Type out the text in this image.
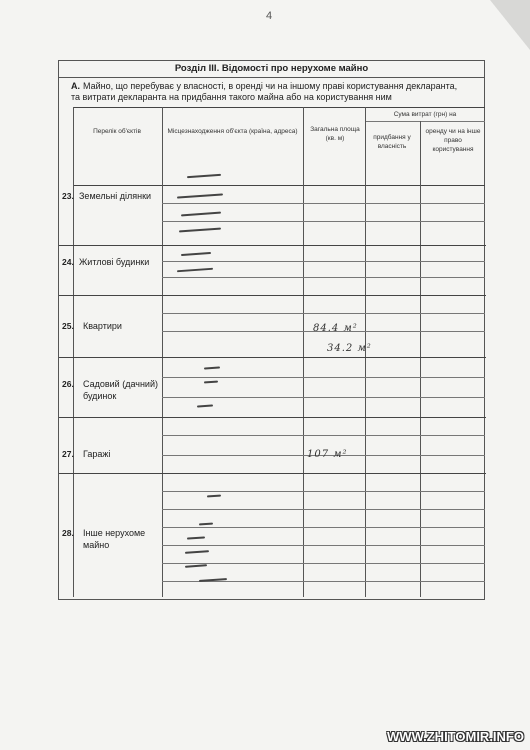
4
Розділ III. Відомості про нерухоме майно
А. Майно, що перебуває у власності, в оренді чи на іншому праві користування декларанта,
та витрати декларанта на придбання такого майна або на користування ним
Перелік об'єктів	Місцезнаходження об'єкта (країна, адреса)	Загальна площа (кв. м)
Сума витрат (грн) на
придбання у власність
оренду чи на інше право користування
23. Земельні ділянки
24. Житлові будинки
25. Квартири
26. Садовий (дачний) будинок
27. Гаражі
28. Інше нерухоме майно
84.4 м²
34.2 м²
107 м²
WWW.ZHITOMIR.INFO
